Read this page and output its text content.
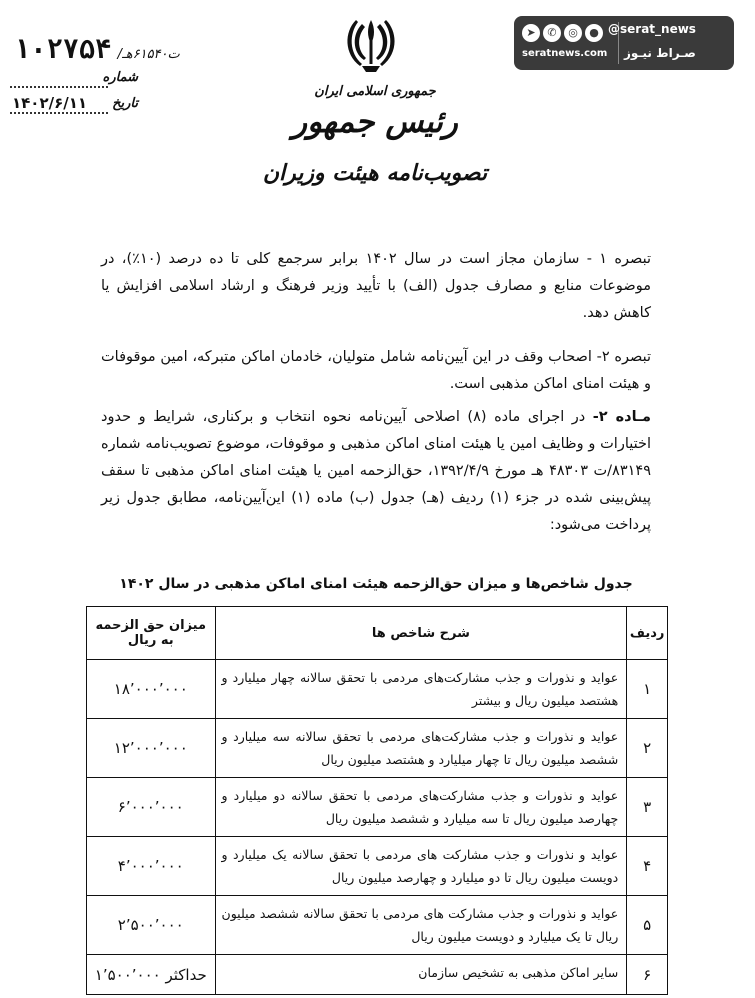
۱۰۲۷۵۴ /ت۶۱۵۴۰هـ
شماره
تاریخ
۱۴۰۲/۶/۱۱
جمهوری اسلامی ایران
رئیس جمهور
تصویب‌نامه هیئت وزیران
➤	✆	◎	● @serat_news
seratnews.com صـراط نیـوز
تبصره ۱ - سازمان مجاز است در سال ۱۴۰۲ برابر سرجمع کلی تا ده درصد (۱۰٪)، در موضوعات منابع و مصارف جدول (الف) با تأیید وزیر فرهنگ و ارشاد اسلامی افزایش یا کاهش دهد.
تبصره ۲- اصحاب وقف در این آیین‌نامه شامل متولیان، خادمان اماکن متبرکه، امین موقوفات و هیئت امنای اماکن مذهبی است.
مـاده ۲- در اجرای ماده (۸) اصلاحی آیین‌نامه نحوه انتخاب و برکناری، شرایط و حدود اختیارات و وظایف امین یا هیئت امنای اماکن مذهبی و موقوفات، موضوع تصویب‌نامه شماره ۸۳۱۴۹/ت ۴۸۳۰۳ هـ مورخ ۱۳۹۲/۴/۹، حق‌الزحمه امین یا هیئت امنای اماکن مذهبی تا سقف پیش‌بینی شده در جزء (۱) ردیف (هـ) جدول (ب) ماده (۱) این‌آیین‌نامه، مطابق جدول زیر پرداخت می‌شود:
جدول شاخص‌ها و میزان حق‌الزحمه هیئت امنای اماکن مذهبی در سال ۱۴۰۲
ردیف	شرح شاخص ها	میزان حق الزحمه به ریال
۱	عواید و نذورات و جذب مشارکت‌های مردمی با تحقق سالانه چهار میلیارد و هشتصد میلیون ریال و بیشتر	۱۸٬۰۰۰٬۰۰۰
۲	عواید و نذورات و جذب مشارکت‌های مردمی با تحقق سالانه سه میلیارد و ششصد میلیون ریال تا چهار میلیارد و هشتصد میلیون ریال	۱۲٬۰۰۰٬۰۰۰
۳	عواید و نذورات و جذب مشارکت‌های مردمی با تحقق سالانه دو میلیارد و چهارصد میلیون ریال تا سه میلیارد و ششصد میلیون ریال	۶٬۰۰۰٬۰۰۰
۴	عواید و نذورات و جذب مشارکت های مردمی با تحقق سالانه یک میلیارد و دویست میلیون ریال تا دو میلیارد و چهارصد میلیون ریال	۴٬۰۰۰٬۰۰۰
۵	عواید و نذورات و جذب مشارکت های مردمی با تحقق سالانه ششصد میلیون ریال تا یک میلیارد و دویست میلیون ریال	۲٬۵۰۰٬۰۰۰
۶	سایر اماکن مذهبی به تشخیص سازمان	حداکثر ۱٬۵۰۰٬۰۰۰
